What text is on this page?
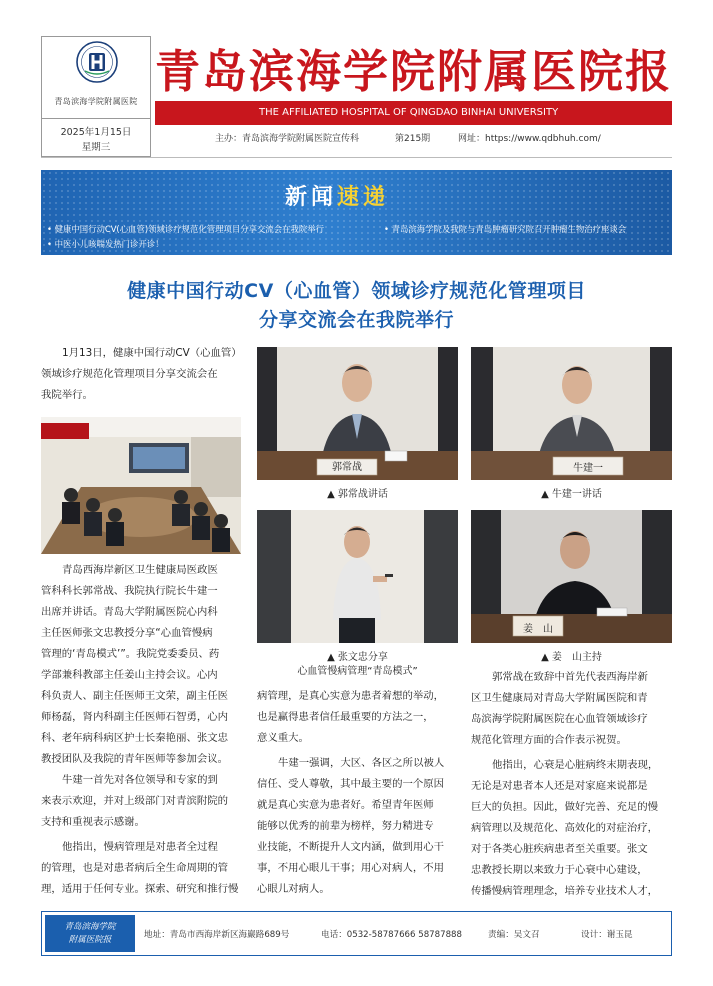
青岛滨海学院附属医院
2025年1月15日
星期三
青岛滨海学院附属医院报
THE AFFILIATED HOSPITAL OF QINGDAO BINHAI UNIVERSITY
主办：青岛滨海学院附属医院宣传科	第215期	网址：https://www.qdbhuh.com/
新闻速递
• 健康中国行动CV(心血管)领域诊疗规范化管理项目分享交流会在我院举行	• 青岛滨海学院及我院与青岛肿瘤研究院召开肿瘤生物治疗座谈会
• 中医小儿咳喘发热门诊开诊！
健康中国行动CV（心血管）领域诊疗规范化管理项目
分享交流会在我院举行
1月13日，健康中国行动CV（心血管）
领域诊疗规范化管理项目分享交流会在
我院举行。
青岛西海岸新区卫生健康局医政医
管科科长郭常战、我院执行院长牛建一
出席并讲话。青岛大学附属医院心内科
主任医师张文忠教授分享“心血管慢病
管理的‘青岛模式’”。我院党委委员、药
学部兼科教部主任姜山主持会议。心内
科负责人、副主任医师王文荣，副主任医
师杨磊，肾内科副主任医师石智勇，心内
科、老年病科病区护士长秦艳丽、张文忠
教授团队及我院的青年医师等参加会议。
牛建一首先对各位领导和专家的到
来表示欢迎，并对上级部门对青滨附院的
支持和重视表示感谢。
他指出，慢病管理是对患者全过程
的管理，也是对患者病后全生命周期的管
理，适用于任何专业。探索、研究和推行慢
郭常战
▲ 郭常战讲话
牛建一
▲ 牛建一讲话
▲ 张文忠分享
心血管慢病管理“青岛模式”
姜　山
▲ 姜　山主持
病管理，是真心实意为患者着想的举动，
也是赢得患者信任最重要的方法之一，
意义重大。
牛建一强调，大区、各区之所以被人
信任、受人尊敬，其中最主要的一个原因
就是真心实意为患者好。希望青年医师
能够以优秀的前辈为榜样，努力精进专
业技能，不断提升人文内涵，做到用心干
事，不用心眼儿干事；用心对病人，不用
心眼儿对病人。
郭常战在致辞中首先代表西海岸新
区卫生健康局对青岛大学附属医院和青
岛滨海学院附属医院在心血管领域诊疗
规范化管理方面的合作表示祝贺。
他指出，心衰是心脏病终末期表现，
无论是对患者本人还是对家庭来说都是
巨大的负担。因此，做好完善、充足的慢
病管理以及规范化、高效化的对症治疗，
对于各类心脏疾病患者至关重要。张文
忠教授长期以来致力于心衰中心建设，
传播慢病管理理念，培养专业技术人才，
青岛滨海学院
附属医院报	地址：青岛市西海岸新区海巖路689号	电话：0532-58787666 58787888	责编：吴文召	设计：谢玉昆
